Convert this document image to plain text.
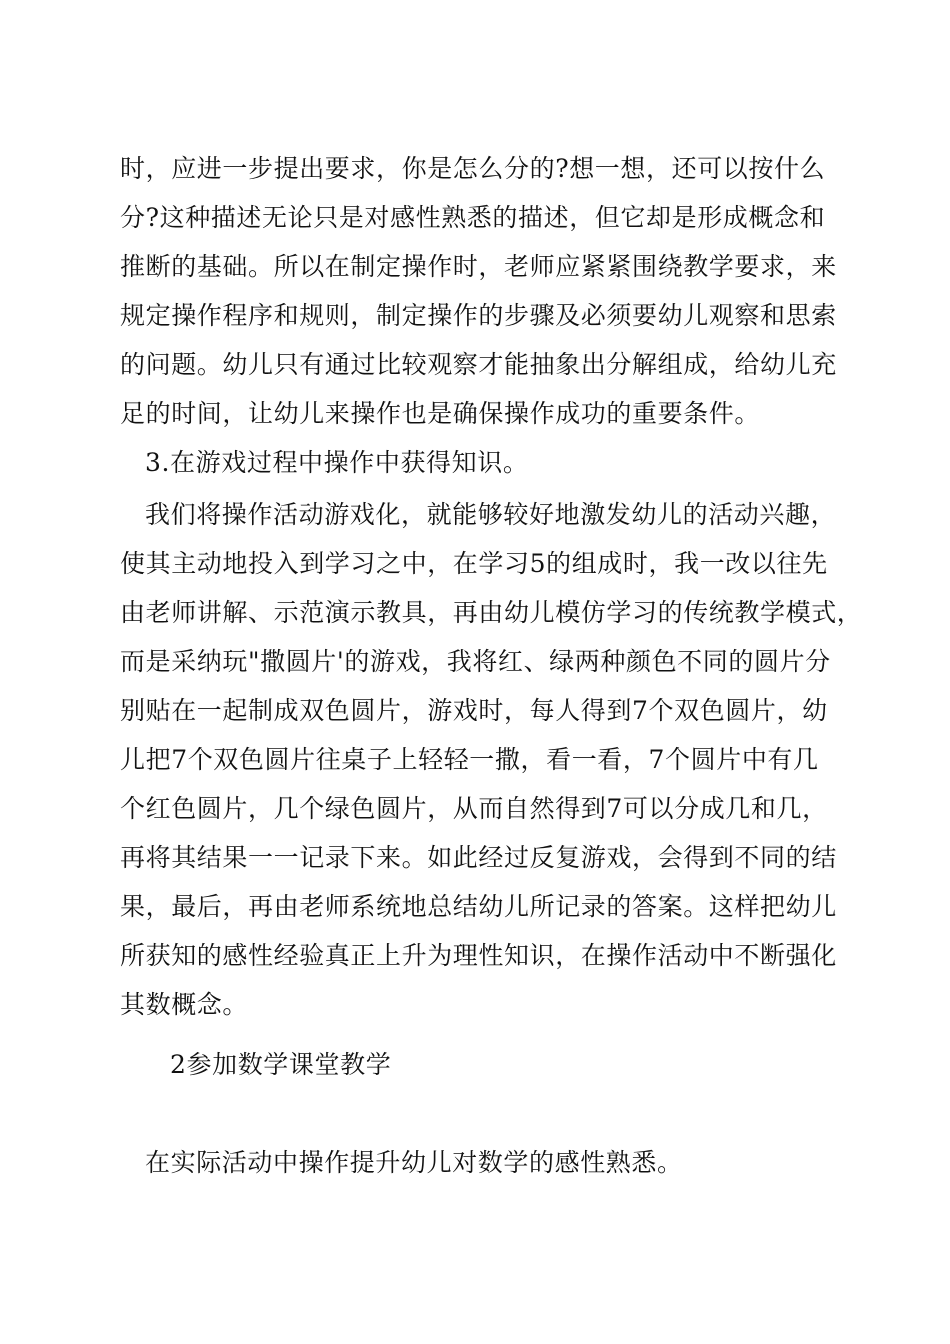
时，应进一步提出要求，你是怎么分的?想一想，还可以按什么
分?这种描述无论只是对感性熟悉的描述，但它却是形成概念和
推断的基础。所以在制定操作时，老师应紧紧围绕教学要求，来
规定操作程序和规则，制定操作的步骤及必须要幼儿观察和思索
的问题。幼儿只有通过比较观察才能抽象出分解组成，给幼儿充
足的时间，让幼儿来操作也是确保操作成功的重要条件。
3.在游戏过程中操作中获得知识。
我们将操作活动游戏化，就能够较好地激发幼儿的活动兴趣，
使其主动地投入到学习之中，在学习5的组成时，我一改以往先
由老师讲解、示范演示教具，再由幼儿模仿学习的传统教学模式，
而是采纳玩"撒圆片'的游戏，我将红、绿两种颜色不同的圆片分
别贴在一起制成双色圆片，游戏时，每人得到7个双色圆片，幼
儿把7个双色圆片往桌子上轻轻一撒，看一看，7个圆片中有几
个红色圆片，几个绿色圆片，从而自然得到7可以分成几和几，
再将其结果一一记录下来。如此经过反复游戏，会得到不同的结
果，最后，再由老师系统地总结幼儿所记录的答案。这样把幼儿
所获知的感性经验真正上升为理性知识，在操作活动中不断强化
其数概念。
2参加数学课堂教学
在实际活动中操作提升幼儿对数学的感性熟悉。
